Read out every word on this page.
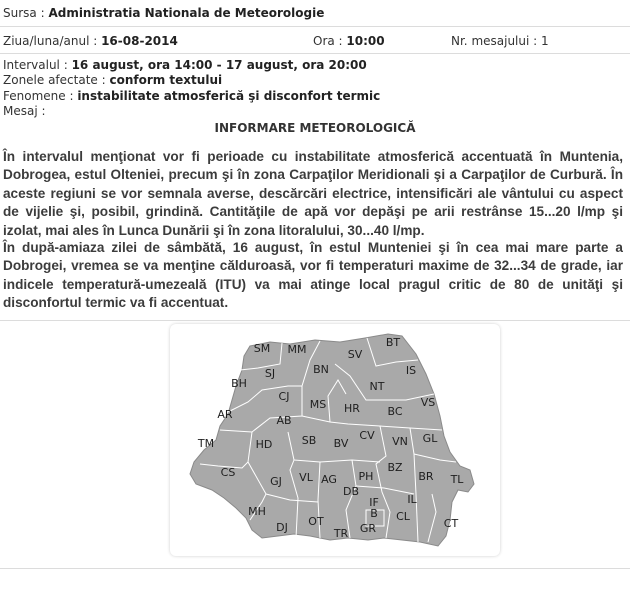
Sursa : Administratia Nationala de Meteorologie
Ziua/luna/anul : 16-08-2014	Ora : 10:00	Nr. mesajului : 1
Intervalul : 16 august, ora 14:00 - 17 august, ora 20:00
Zonele afectate : conform textului
Fenomene : instabilitate atmosferică şi disconfort termic
Mesaj :
INFORMARE METEOROLOGICĂ
În intervalul menţionat vor fi perioade cu instabilitate atmosferică accentuată în Muntenia, Dobrogea, estul Olteniei, precum şi în zona Carpaţilor Meridionali şi a Carpaţilor de Curbură. În aceste regiuni se vor semnala averse, descărcări electrice, intensificări ale vântului cu aspect de vijelie şi, posibil, grindină. Cantităţile de apă vor depăşi pe arii restrânse 15...20 l/mp şi izolat, mai ales în Lunca Dunării şi în zona litoralului, 30...40 l/mp.
În după-amiaza zilei de sâmbătă, 16 august, în estul Munteniei şi în cea mai mare parte a Dobrogei, vremea se va menţine călduroasă, vor fi temperaturi maxime de 32...34 de grade, iar indicele temperatură-umezeală (ITU) va mai atinge local pragul critic de 80 de unităţi şi disconfortul termic va fi accentuat.
SM MM	SV
BT
SJ	BN	IS
BH	NT
CJ
MS HR	BC
VS
AR	AB
TM	HD	SB BV
CV VN GL
CS
GJ VL AG PH
BZ
BR TL
DB
IF
B
IL
MH
DJ OT
TR GR
CL
CT
